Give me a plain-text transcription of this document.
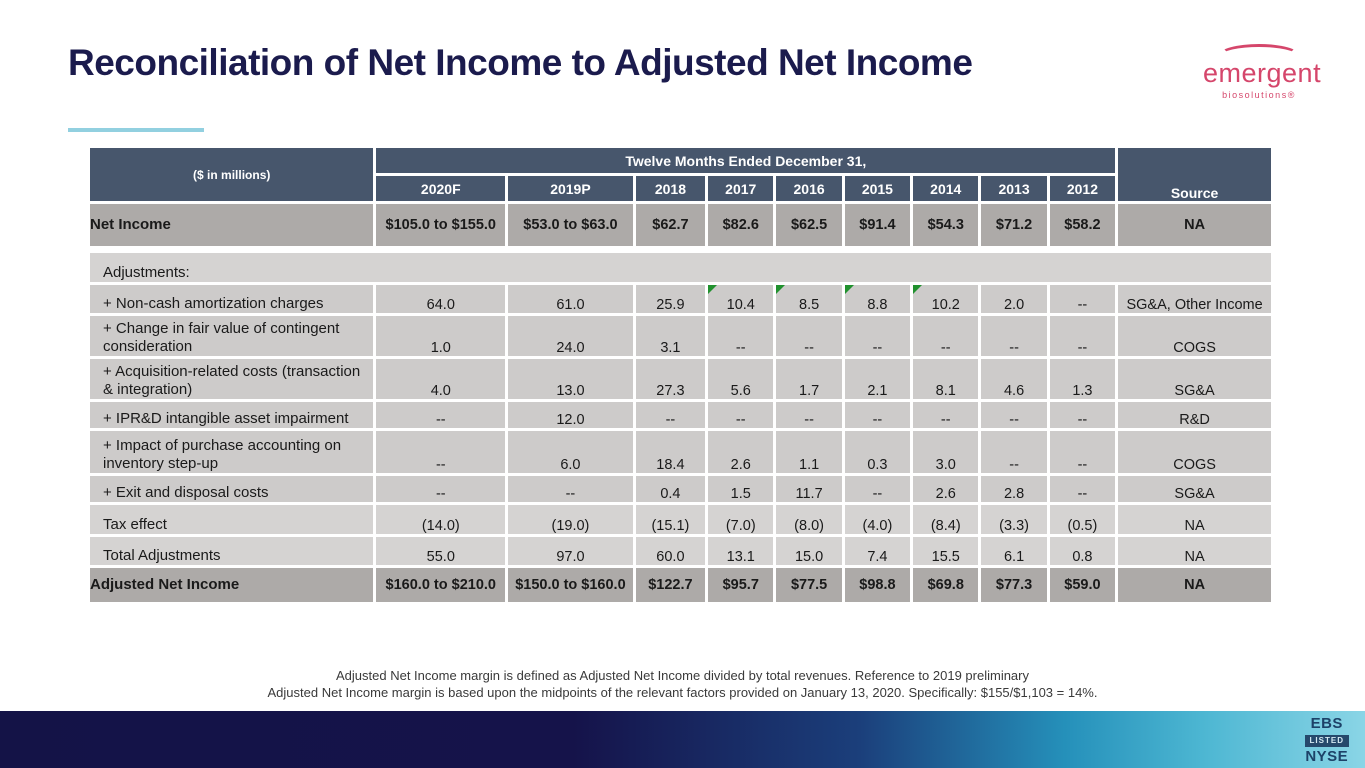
Reconciliation of Net Income to Adjusted Net Income	emergent
biosolutions®
($ in millions)	Twelve Months Ended December 31,									Source
	2020F	2019P	2018	2017	2016	2015	2014	2013	2012	
Net Income	$105.0 to $155.0	$53.0 to $63.0	$62.7	$82.6	$62.5	$91.4	$54.3	$71.2	$58.2	NA

Adjustments:										
+ Non-cash amortization charges	64.0	61.0	25.9	10.4	8.5	8.8	10.2	2.0	--	SG&A, Other Income
+ Change in fair value of contingent consideration	1.0	24.0	3.1	--	--	--	--	--	--	COGS
+ Acquisition-related costs (transaction & integration)	4.0	13.0	27.3	5.6	1.7	2.1	8.1	4.6	1.3	SG&A
+ IPR&D intangible asset impairment	--	12.0	--	--	--	--	--	--	--	R&D
+ Impact of purchase accounting on inventory step-up	--	6.0	18.4	2.6	1.1	0.3	3.0	--	--	COGS
+ Exit and disposal costs	--	--	0.4	1.5	11.7	--	2.6	2.8	--	SG&A
Tax effect	(14.0)	(19.0)	(15.1)	(7.0)	(8.0)	(4.0)	(8.4)	(3.3)	(0.5)	NA
Total Adjustments	55.0	97.0	60.0	13.1	15.0	7.4	15.5	6.1	0.8	NA
Adjusted Net Income	$160.0 to $210.0	$150.0 to $160.0	$122.7	$95.7	$77.5	$98.8	$69.8	$77.3	$59.0	NA
Adjusted Net Income margin is defined as Adjusted Net Income divided by total revenues. Reference to 2019 preliminary
Adjusted Net Income margin is based upon the midpoints of the relevant factors provided on January 13, 2020. Specifically: $155/$1,103 = 14%.
EBS
LISTED
NYSE
